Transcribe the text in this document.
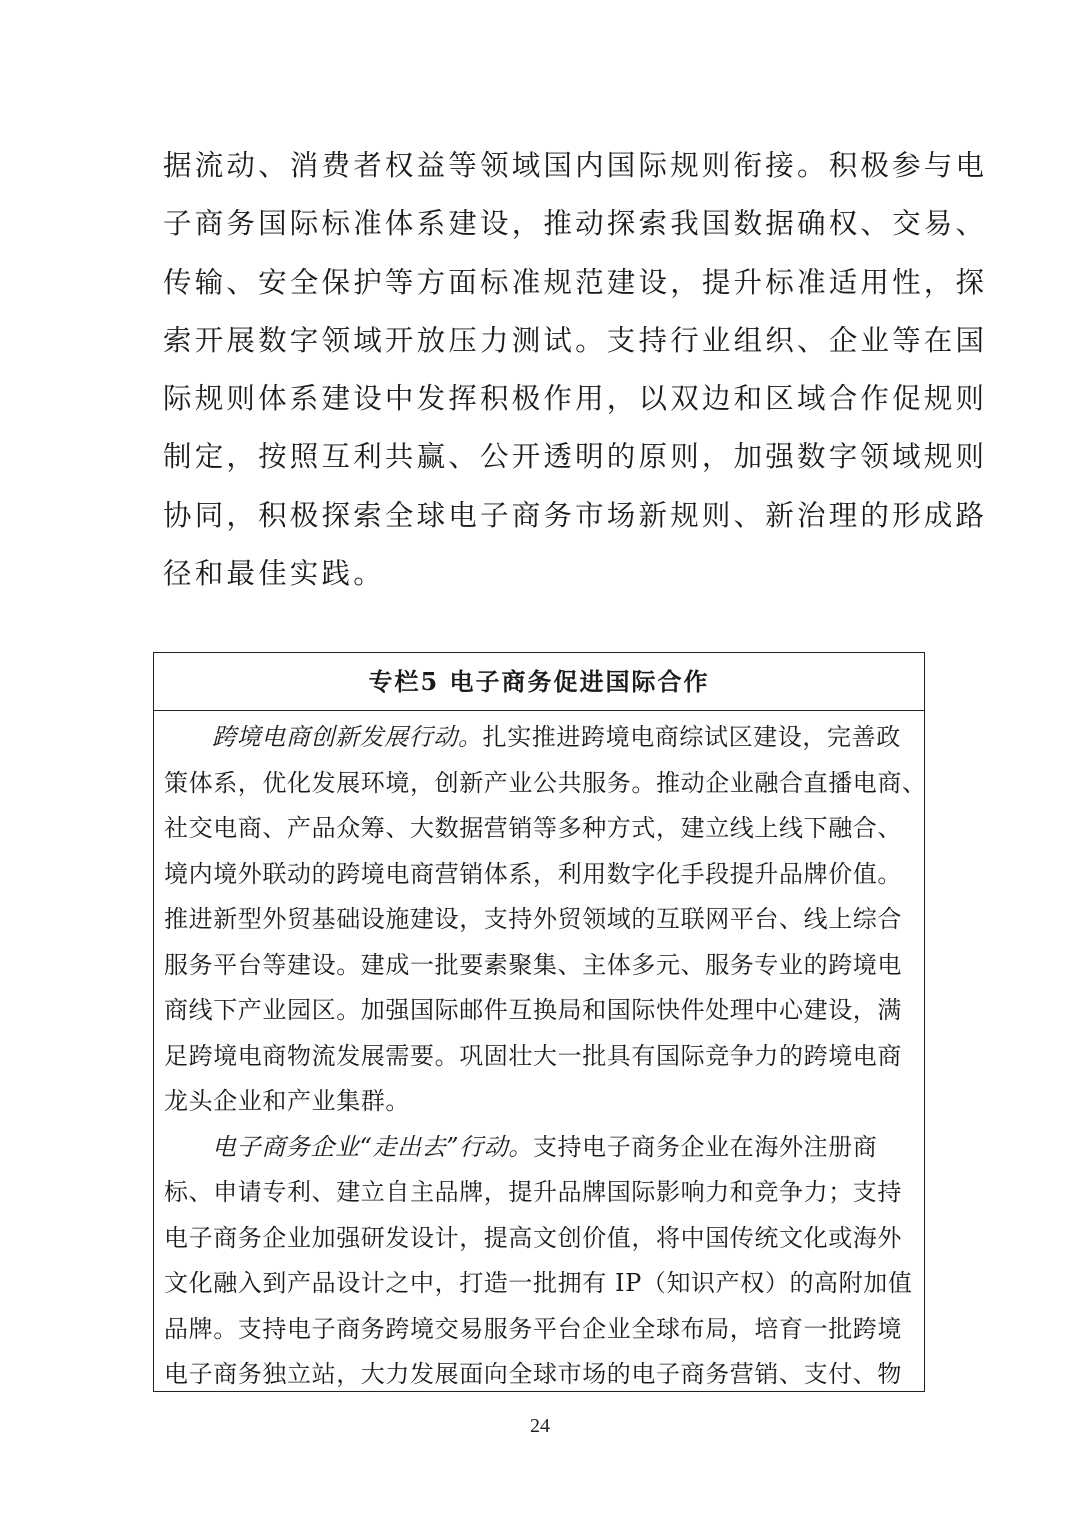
据流动、消费者权益等领域国内国际规则衔接。积极参与电
子商务国际标准体系建设，推动探索我国数据确权、交易、
传输、安全保护等方面标准规范建设，提升标准适用性，探
索开展数字领域开放压力测试。支持行业组织、企业等在国
际规则体系建设中发挥积极作用，以双边和区域合作促规则
制定，按照互利共赢、公开透明的原则，加强数字领域规则
协同，积极探索全球电子商务市场新规则、新治理的形成路
径和最佳实践。
专栏5 电子商务促进国际合作
跨境电商创新发展行动。扎实推进跨境电商综试区建设，完善政
策体系，优化发展环境，创新产业公共服务。推动企业融合直播电商、
社交电商、产品众筹、大数据营销等多种方式，建立线上线下融合、
境内境外联动的跨境电商营销体系，利用数字化手段提升品牌价值。
推进新型外贸基础设施建设，支持外贸领域的互联网平台、线上综合
服务平台等建设。建成一批要素聚集、主体多元、服务专业的跨境电
商线下产业园区。加强国际邮件互换局和国际快件处理中心建设，满
足跨境电商物流发展需要。巩固壮大一批具有国际竞争力的跨境电商
龙头企业和产业集群。
电子商务企业“走出去”行动。支持电子商务企业在海外注册商
标、申请专利、建立自主品牌，提升品牌国际影响力和竞争力；支持
电子商务企业加强研发设计，提高文创价值，将中国传统文化或海外
文化融入到产品设计之中，打造一批拥有 IP（知识产权）的高附加值
品牌。支持电子商务跨境交易服务平台企业全球布局，培育一批跨境
电子商务独立站，大力发展面向全球市场的电子商务营销、支付、物
24
